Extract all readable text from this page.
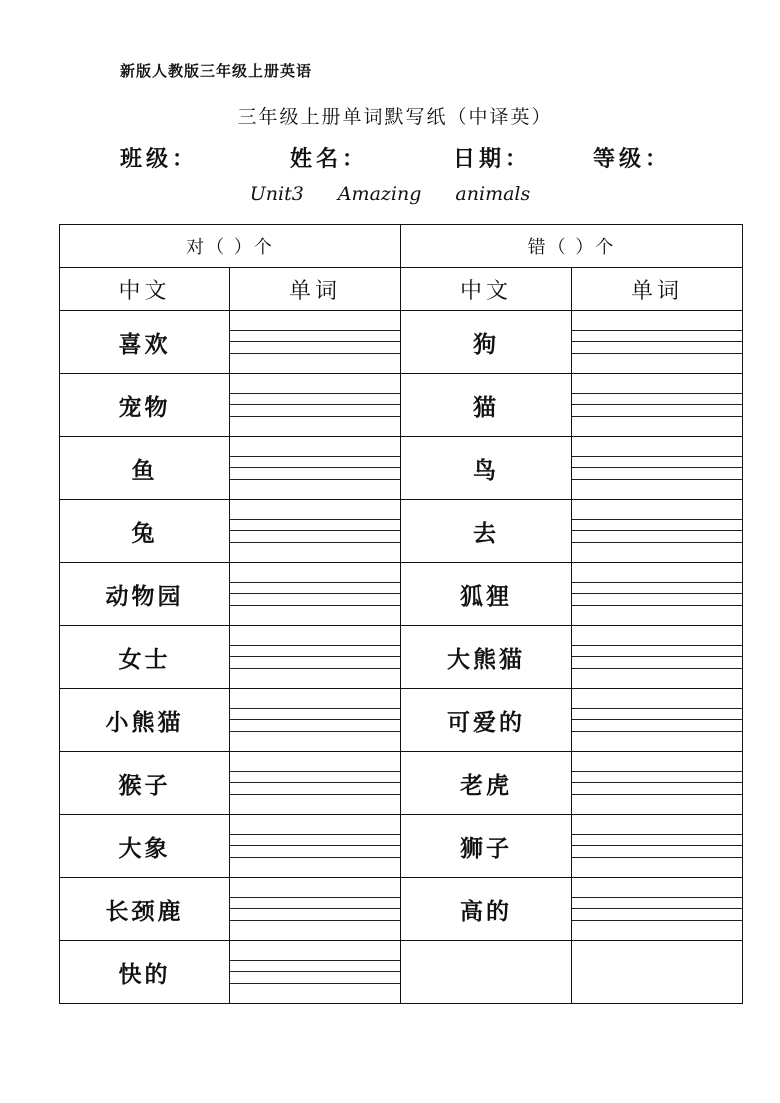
新版人教版三年级上册英语
三年级上册单词默写纸（中译英）
班级：	姓名：	日期：	等级：
Unit3 Amazing animals
对（ ）个		错（ ）个	
中文	单词	中文	单词
喜欢		狗	

宠物		猫	

鱼		鸟	

兔		去	

动物园		狐狸	

女士		大熊猫	

小熊猫		可爱的	

猴子		老虎	

大象		狮子	

长颈鹿		高的	

快的	
